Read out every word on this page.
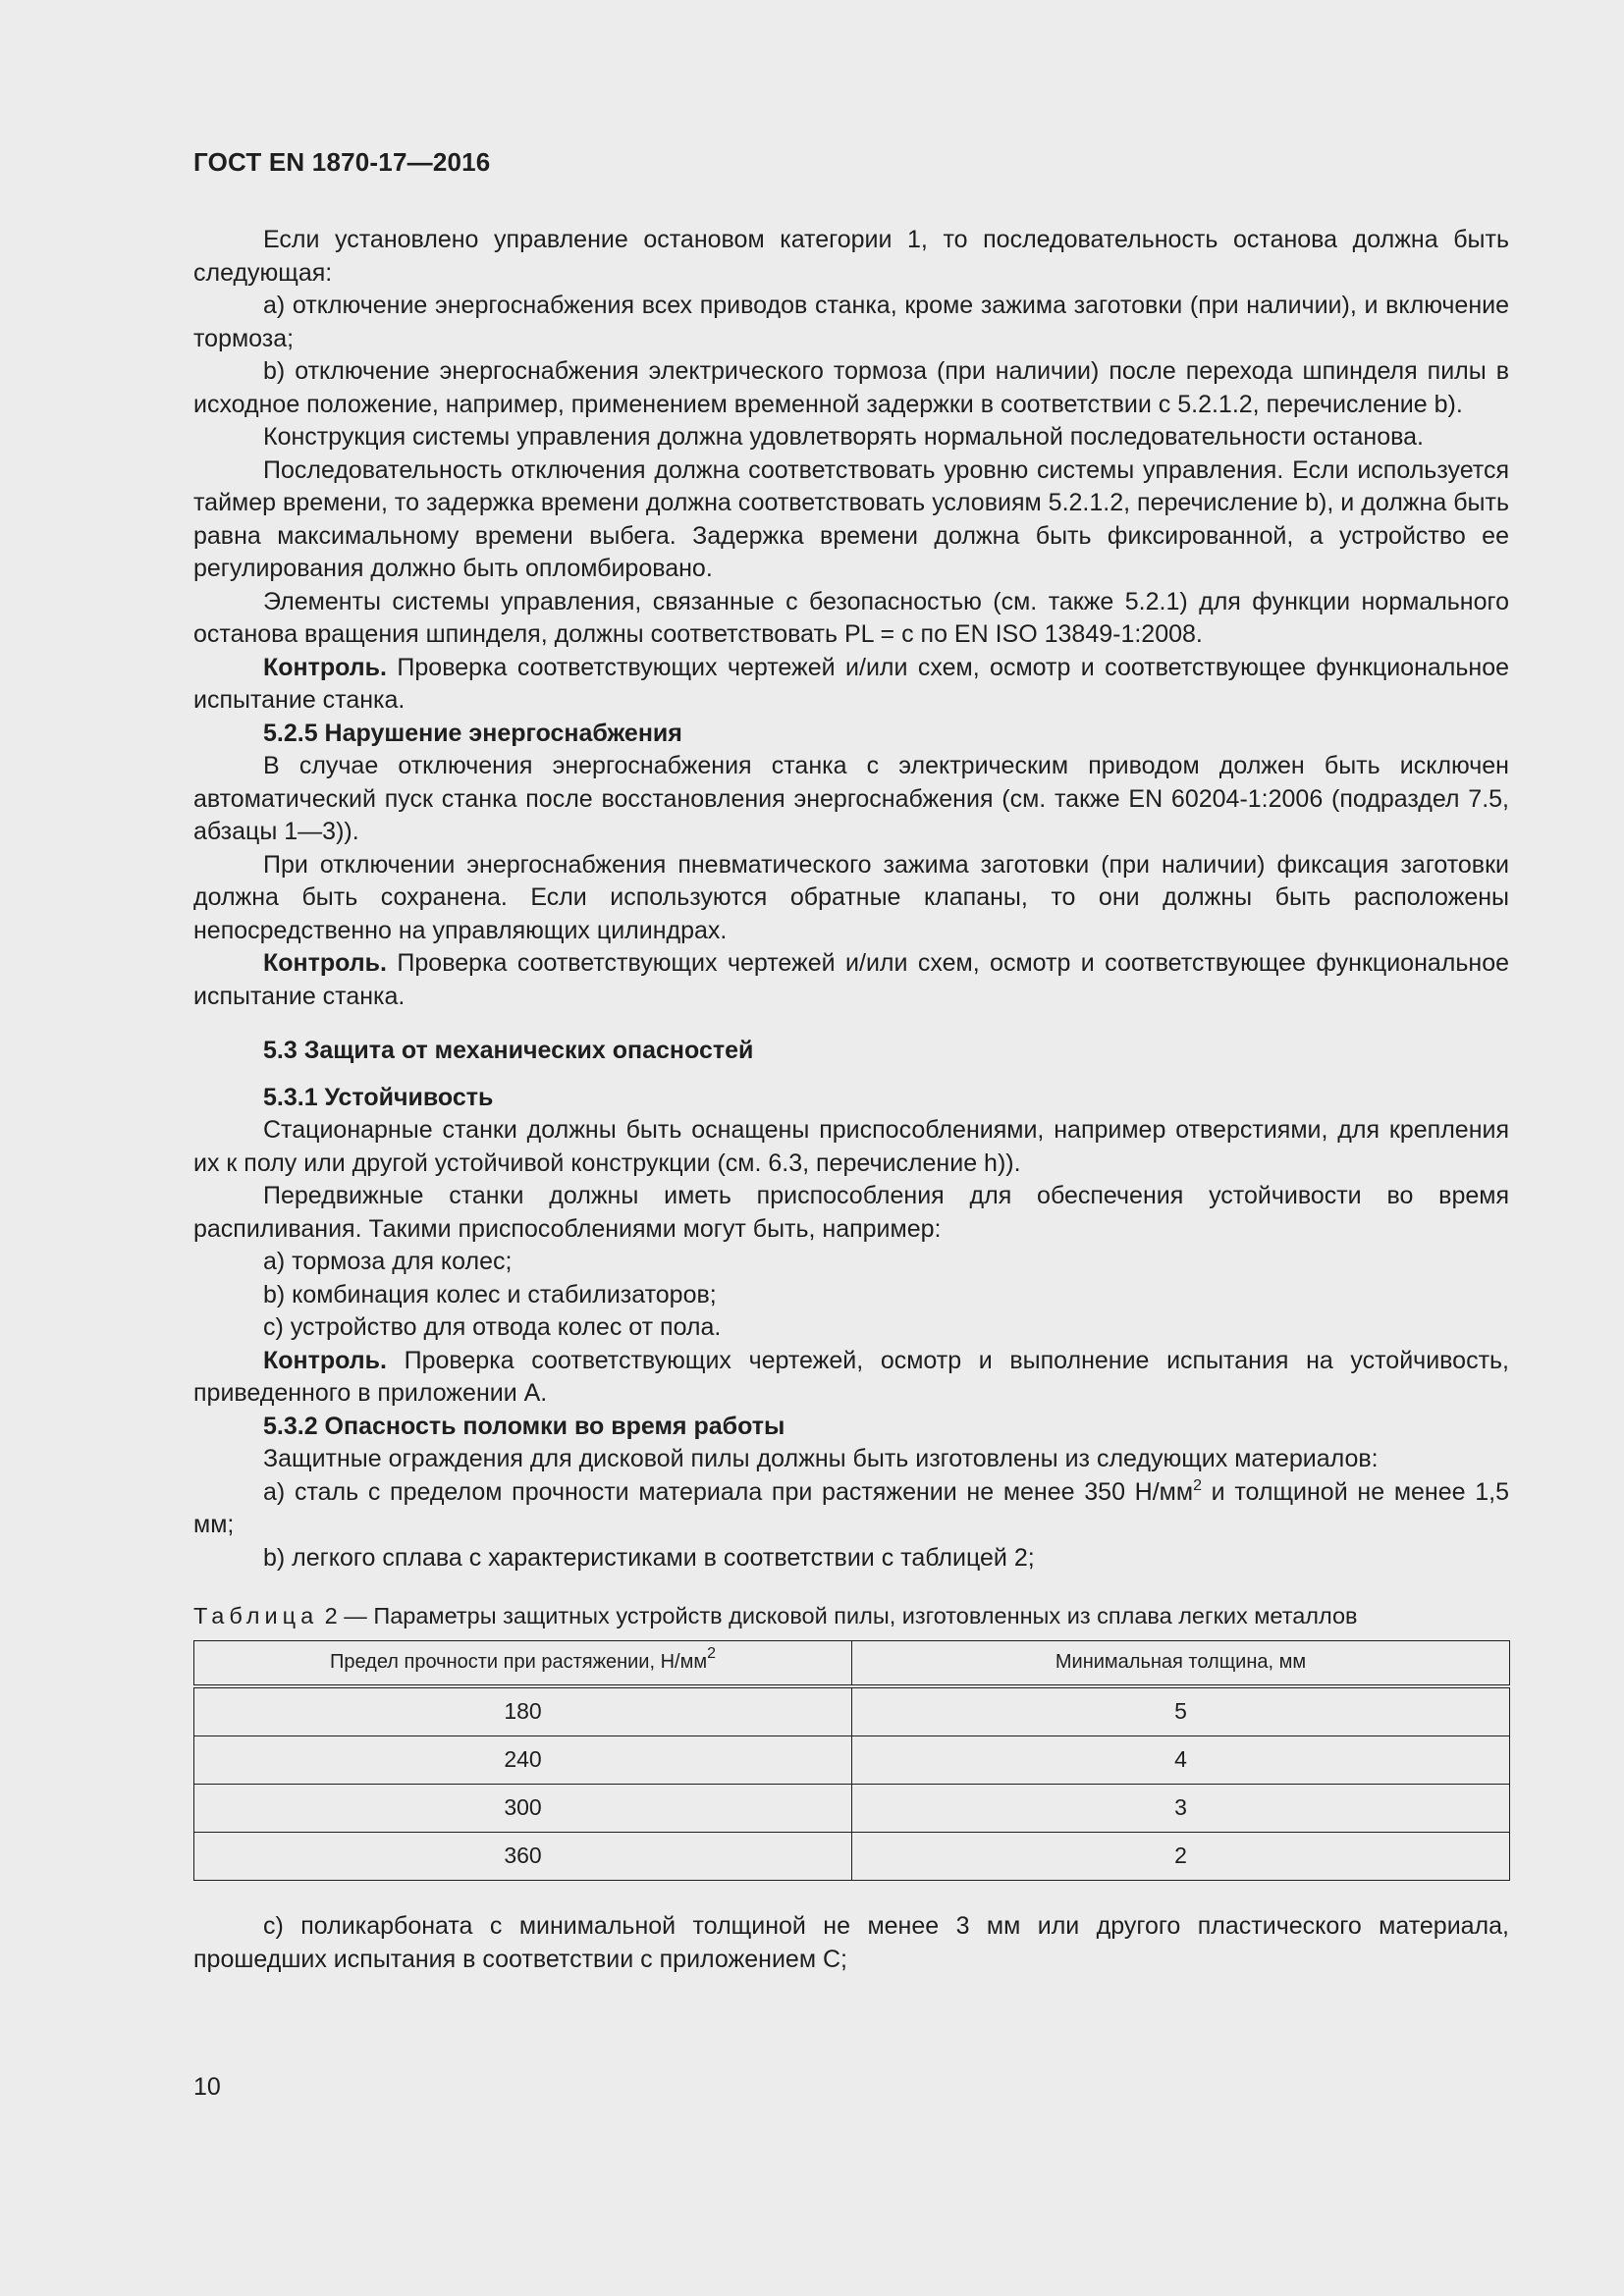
ГОСТ EN 1870-17—2016

Если установлено управление остановом категории 1, то последовательность останова должна быть следующая:

a) отключение энергоснабжения всех приводов станка, кроме зажима заготовки (при наличии), и включение тормоза;

b) отключение энергоснабжения электрического тормоза (при наличии) после перехода шпинделя пилы в исходное положение, например, применением временной задержки в соответствии с 5.2.1.2, перечисление b).

Конструкция системы управления должна удовлетворять нормальной последовательности останова.

Последовательность отключения должна соответствовать уровню системы управления. Если используется таймер времени, то задержка времени должна соответствовать условиям 5.2.1.2, перечисление b), и должна быть равна максимальному времени выбега. Задержка времени должна быть фиксированной, а устройство ее регулирования должно быть опломбировано.

Элементы системы управления, связанные с безопасностью (см. также 5.2.1) для функции нормального останова вращения шпинделя, должны соответствовать PL = c по EN ISO 13849-1:2008.

Контроль. Проверка соответствующих чертежей и/или схем, осмотр и соответствующее функциональное испытание станка.

5.2.5 Нарушение энергоснабжения

В случае отключения энергоснабжения станка с электрическим приводом должен быть исключен автоматический пуск станка после восстановления энергоснабжения (см. также EN 60204-1:2006 (подраздел 7.5, абзацы 1—3)).

При отключении энергоснабжения пневматического зажима заготовки (при наличии) фиксация заготовки должна быть сохранена. Если используются обратные клапаны, то они должны быть расположены непосредственно на управляющих цилиндрах.

Контроль. Проверка соответствующих чертежей и/или схем, осмотр и соответствующее функциональное испытание станка.

5.3 Защита от механических опасностей

5.3.1 Устойчивость

Стационарные станки должны быть оснащены приспособлениями, например отверстиями, для крепления их к полу или другой устойчивой конструкции (см. 6.3, перечисление h)).

Передвижные станки должны иметь приспособления для обеспечения устойчивости во время распиливания. Такими приспособлениями могут быть, например:

a) тормоза для колес;

b) комбинация колес и стабилизаторов;

c) устройство для отвода колес от пола.

Контроль. Проверка соответствующих чертежей, осмотр и выполнение испытания на устойчивость, приведенного в приложении А.

5.3.2 Опасность поломки во время работы

Защитные ограждения для дисковой пилы должны быть изготовлены из следующих материалов:

a) сталь с пределом прочности материала при растяжении не менее 350 $Н/мм^2$ и толщиной не менее 1,5 мм;

b) легкого сплава с характеристиками в соответствии с таблицей 2;

Таблица 2 — Параметры защитных устройств дисковой пилы, изготовленных из сплава легких металлов

Предел прочности при растяжении, $Н/мм^2$	Минимальная толщина, мм
180	5
240	4
300	3
360	2

c) поликарбоната с минимальной толщиной не менее 3 мм или другого пластического материала, прошедших испытания в соответствии с приложением C;

10
